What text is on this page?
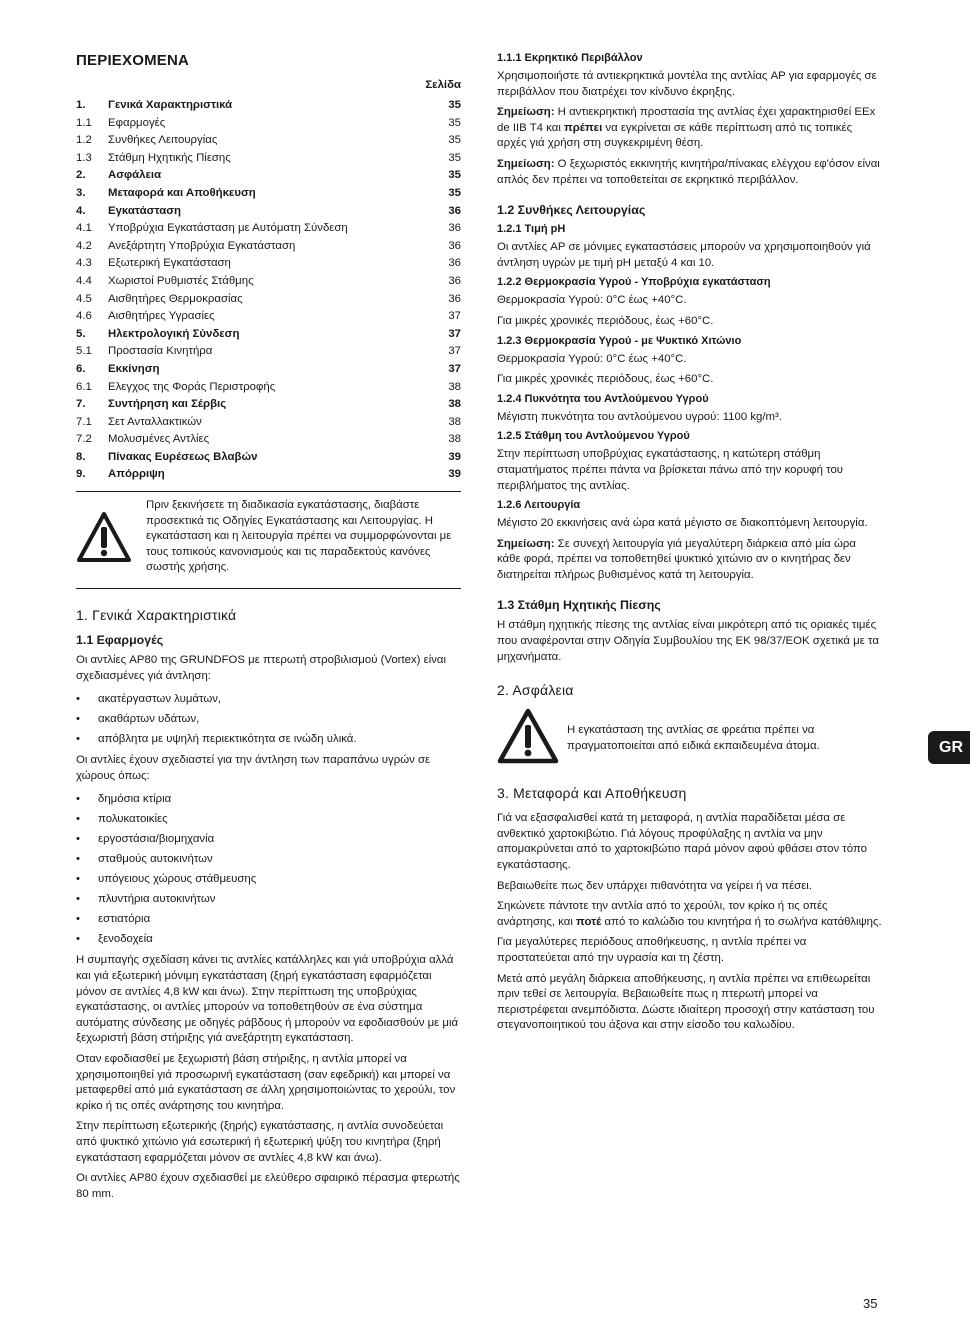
ΠΕΡΙΕΧΟΜΕΝΑ
Σελίδα
1.	Γενικά Χαρακτηριστικά	35
1.1	Εφαρμογές	35
1.2	Συνθήκες Λειτουργίας	35
1.3	Στάθμη Ηχητικής Πίεσης	35
2.	Ασφάλεια	35
3.	Μεταφορά και Αποθήκευση	35
4.	Εγκατάσταση	36
4.1	Υποβρύχια Εγκατάσταση με Αυτόματη Σύνδεση	36
4.2	Ανεξάρτητη Υποβρύχια Εγκατάσταση	36
4.3	Εξωτερική Εγκατάσταση	36
4.4	Χωριστοί Ρυθμιστές Στάθμης	36
4.5	Αισθητήρες Θερμοκρασίας	36
4.6	Αισθητήρες Υγρασίες	37
5.	Ηλεκτρολογική Σύνδεση	37
5.1	Προστασία Κινητήρα	37
6.	Εκκίνηση	37
6.1	Ελεγχος της Φοράς Περιστροφής	38
7.	Συντήρηση και Σέρβις	38
7.1	Σετ Ανταλλακτικών	38
7.2	Μολυσμένες Αντλίες	38
8.	Πίνακας Ευρέσεως Βλαβών	39
9.	Απόρριψη	39
Πριν ξεκινήσετε τη διαδικασία εγκατάστασης, διαβάστε προσεκτικά τις Οδηγίες Εγκατάστασης και Λειτουργίας. Η εγκατάσταση και η λειτουργία πρέπει να συμμορφώνονται με τους τοπικούς κανονισμούς και τις παραδεκτούς κανόνες σωστής χρήσης.
1. Γενικά Χαρακτηριστικά
1.1 Εφαρμογές

Οι αντλίες AP80 της GRUNDFOS με πτερωτή στροβιλισμού (Vortex) είναι σχεδιασμένες γιά άντληση:

• ακατέργαστων λυμάτων,
• ακαθάρτων υδάτων,
• απόβλητα με υψηλή περιεκτικότητα σε ινώδη υλικά.

Οι αντλίες έχουν σχεδιαστεί για την άντληση των παραπάνω υγρών σε χώρους όπως:

• δημόσια κτίρια
• πολυκατοικίες
• εργοστάσια/βιομηχανία
• σταθμούς αυτοκινήτων
• υπόγειους χώρους στάθμευσης
• πλυντήρια αυτοκινήτων
• εστιατόρια
• ξενοδοχεία

Η συμπαγής σχεδίαση κάνει τις αντλίες κατάλληλες και γιά υποβρύχια αλλά και γιά εξωτερική μόνιμη εγκατάσταση (ξηρή εγκατάσταση εφαρμόζεται μόνον σε αντλίες 4,8 kW και άνω). Στην περίπτωση της υποβρύχιας εγκατάστασης, οι αντλίες μπορούν να τοποθετηθούν σε ένα σύστημα αυτόματης σύνδεσης με οδηγές ράβδους ή μπορούν να εφοδιασθούν με μιά ξεχωριστή βάση στήριξης γιά ανεξάρτητη εγκατάσταση.

Οταν εφοδιασθεί με ξεχωριστή βάση στήριξης, η αντλία μπορεί να χρησιμοποιηθεί γιά προσωρινή εγκατάσταση (σαν εφεδρική) και μπορεί να μεταφερθεί από μιά εγκατάσταση σε άλλη χρησιμοποιώντας το χερούλι, τον κρίκο ή τις οπές ανάρτησης του κινητήρα.

Στην περίπτωση εξωτερικής (ξηρής) εγκατάστασης, η αντλία συνοδεύεται από ψυκτικό χιτώνιο γιά εσωτερική ή εξωτερική ψύξη του κινητήρα (ξηρή εγκατάσταση εφαρμόζεται μόνον σε αντλίες 4,8 kW και άνω).

Οι αντλίες AP80 έχουν σχεδιασθεί με ελεύθερο σφαιρικό πέρασμα φτερωτής 80 mm.

1.1.1 Εκρηκτικό Περιβάλλον

Χρησιμοποιήστε τά αντιεκρηκτικά μοντέλα της αντλίας AP για εφαρμογές σε περιβάλλον που διατρέχει τον κίνδυνο έκρηξης.

Σημείωση: Η αντιεκρηκτική προστασία της αντλίας έχει χαρακτηρισθεί EEx de IIB T4 και πρέπει να εγκρίνεται σε κάθε περίπτωση από τις τοπικές αρχές γιά χρήση στη συγκεκριμένη θέση.

Σημείωση: Ο ξεχωριστός εκκινητής κινητήρα/πίνακας ελέγχου εφ'όσον είναι απλός δεν πρέπει να τοποθετείται σε εκρηκτικό περιβάλλον.

1.2 Συνθήκες Λειτουργίας
1.2.1 Τιμή pH

Οι αντλίες AP σε μόνιμες εγκαταστάσεις μπορούν να χρησιμοποιηθούν γιά άντληση υγρών με τιμή pH μεταξύ 4 και 10.

1.2.2 Θερμοκρασία Υγρού - Υποβρύχια εγκατάσταση

Θερμοκρασία Υγρού: 0°C έως +40°C.

Για μικρές χρονικές περιόδους, έως +60°C.

1.2.3 Θερμοκρασία Υγρού - με Ψυκτικό Χιτώνιο

Θερμοκρασία Υγρού: 0°C έως +40°C.

Για μικρές χρονικές περιόδους, έως +60°C.

1.2.4 Πυκνότητα του Αντλούμενου Υγρού

Μέγιστη πυκνότητα του αντλούμενου υγρού: 1100 kg/m³.

1.2.5 Στάθμη του Αντλούμενου Υγρού

Στην περίπτωση υποβρύχιας εγκατάστασης, η κατώτερη στάθμη σταματήματος πρέπει πάντα να βρίσκεται πάνω από την κορυφή του περιβλήματος της αντλίας.

1.2.6 Λειτουργία

Μέγιστο 20 εκκινήσεις ανά ώρα κατά μέγιστο σε διακοπτόμενη λειτουργία.

Σημείωση: Σε συνεχή λειτουργία γιά μεγαλύτερη διάρκεια από μία ώρα κάθε φορά, πρέπει να τοποθετηθεί ψυκτικό χιτώνιο αν ο κινητήρας δεν διατηρείται πλήρως βυθισμένος κατά τη λειτουργία.

1.3 Στάθμη Ηχητικής Πίεσης

Η στάθμη ηχητικής πίεσης της αντλίας είναι μικρότερη από τις οριακές τιμές που αναφέρονται στην Οδηγία Συμβουλίου της ΕΚ 98/37/ΕΟΚ σχετικά με τα μηχανήματα.

2. Ασφάλεια
Η εγκατάσταση της αντλίας σε φρεάτια πρέπει να πραγματοποιείται από ειδικά εκπαιδευμένα άτομα.
3. Μεταφορά και Αποθήκευση

Γιά να εξασφαλισθεί κατά τη μεταφορά, η αντλία παραδίδεται μέσα σε ανθεκτικό χαρτοκιβώτιο. Γιά λόγους προφύλαξης η αντλία να μην απομακρύνεται από το χαρτοκιβώτιο παρά μόνον αφού φθάσει στον τόπο εγκατάστασης.

Βεβαιωθείτε πως δεν υπάρχει πιθανότητα να γείρει ή να πέσει.

Σηκώνετε πάντοτε την αντλία από το χερούλι, τον κρίκο ή τις οπές ανάρτησης, και ποτέ από το καλώδιο του κινητήρα ή το σωλήνα κατάθλιψης.

Για μεγαλύτερες περιόδους αποθήκευσης, η αντλία πρέπει να προστατεύεται από την υγρασία και τη ζέστη.

Μετά από μεγάλη διάρκεια αποθήκευσης, η αντλία πρέπει να επιθεωρείται πριν τεθεί σε λειτουργία. Βεβαιωθείτε πως η πτερωτή μπορεί να περιστρέφεται ανεμπόδιστα. Δώστε ιδιαίτερη προσοχή στην κατάσταση του στεγανοποιητικού του άξονα και στην είσοδο του καλωδίου.

GR
35
